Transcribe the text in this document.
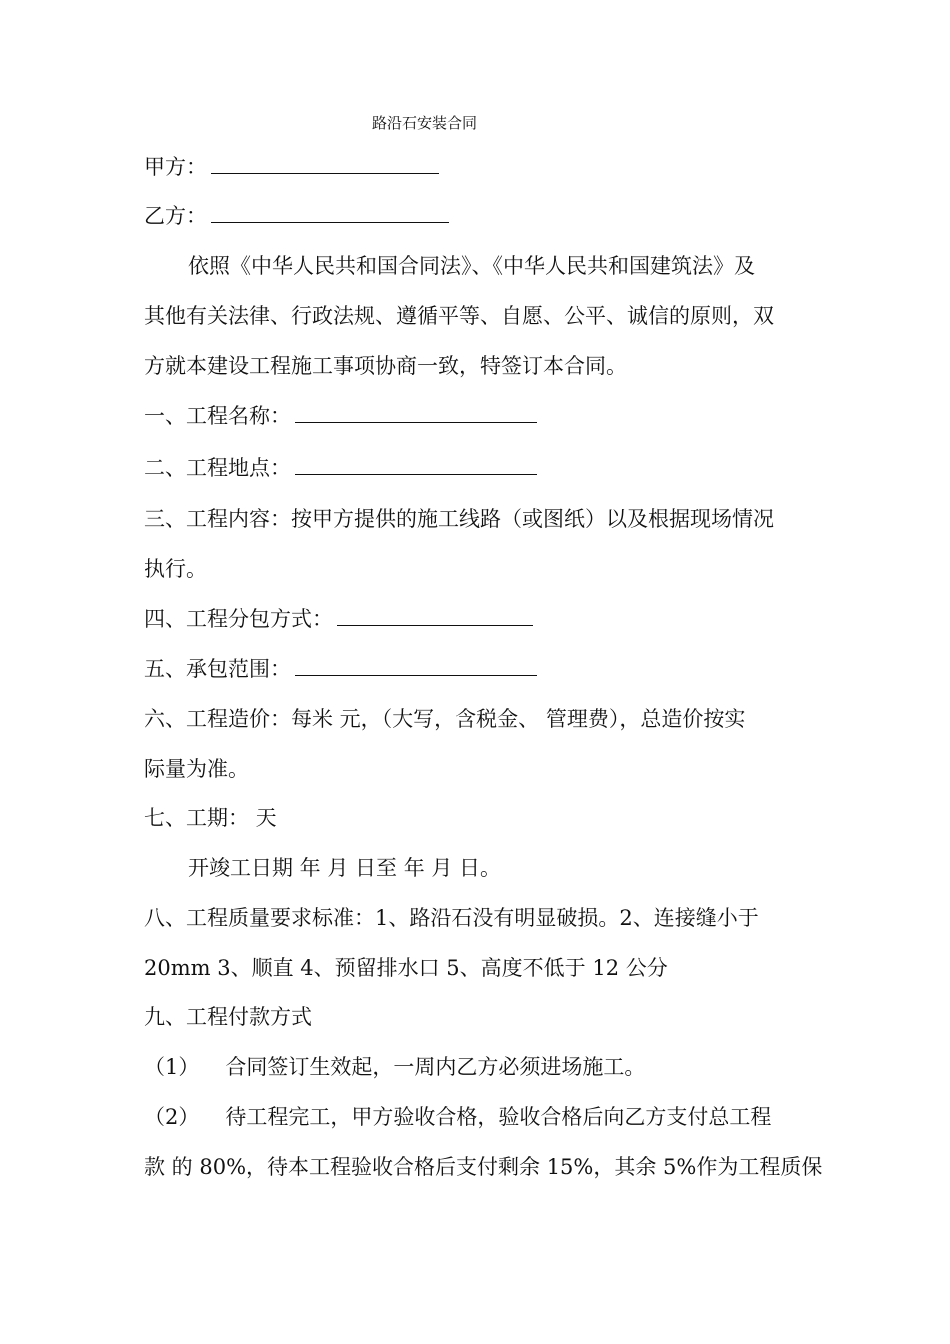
路沿石安装合同
甲方：
乙方：
依照《中华人民共和国合同法》、《中华人民共和国建筑法》及
其他有关法律、行政法规、遵循平等、自愿、公平、诚信的原则，双
方就本建设工程施工事项协商一致，特签订本合同。
一、工程名称：
二、工程地点：
三、工程内容：按甲方提供的施工线路（或图纸）以及根据现场情况
执行。
四、工程分包方式：
五、承包范围：
六、工程造价：每米 元，（大写，含税金、 管理费），总造价按实
际量为准。
七、工期： 天
开竣工日期 年 月 日至 年 月 日。
八、工程质量要求标准：1、路沿石没有明显破损。2、连接缝小于
20mm 3、顺直 4、预留排水口 5、高度不低于 12 公分
九、工程付款方式
（1） 合同签订生效起，一周内乙方必须进场施工。
（2） 待工程完工，甲方验收合格，验收合格后向乙方支付总工程
款 的 80%，待本工程验收合格后支付剩余 15%，其余 5%作为工程质保
